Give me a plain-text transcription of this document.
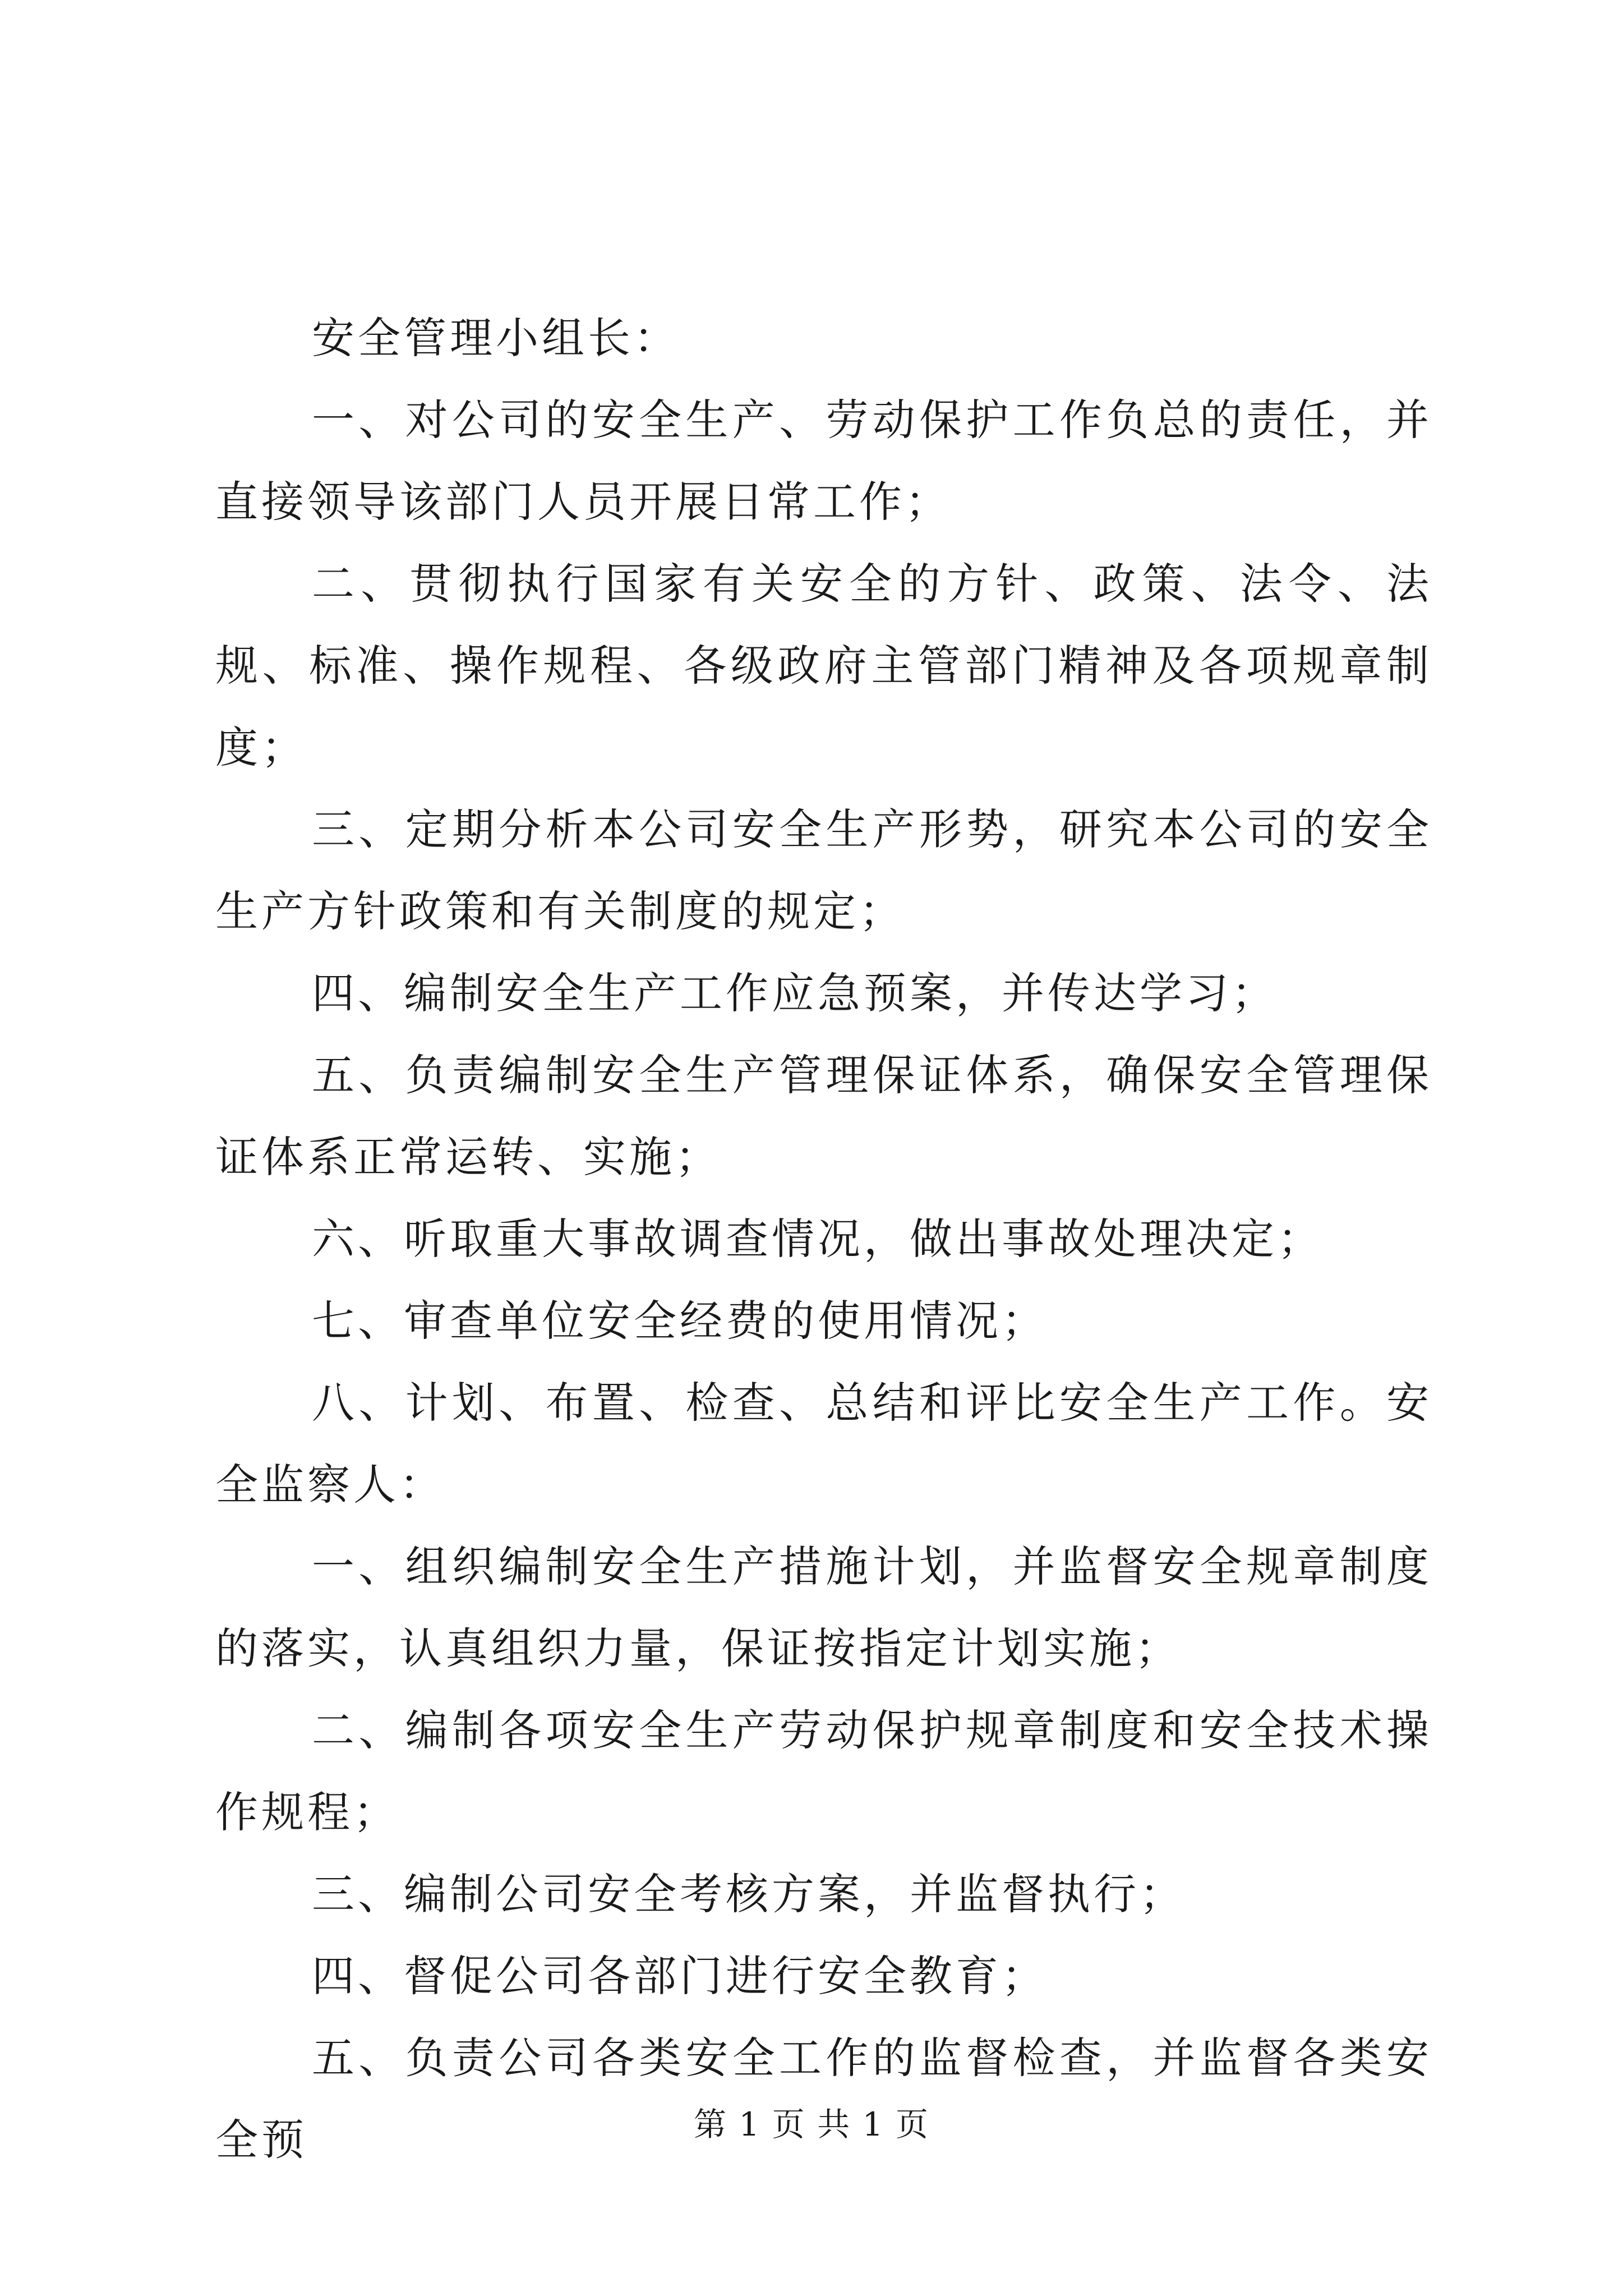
安全管理小组长：

一、对公司的安全生产、劳动保护工作负总的责任，并直接领导该部门人员开展日常工作；

二、贯彻执行国家有关安全的方针、政策、法令、法规、标准、操作规程、各级政府主管部门精神及各项规章制度；

三、定期分析本公司安全生产形势，研究本公司的安全生产方针政策和有关制度的规定；

四、编制安全生产工作应急预案，并传达学习；

五、负责编制安全生产管理保证体系，确保安全管理保证体系正常运转、实施；

六、听取重大事故调查情况，做出事故处理决定；

七、审查单位安全经费的使用情况；

八、计划、布置、检查、总结和评比安全生产工作。安全监察人：

一、组织编制安全生产措施计划，并监督安全规章制度的落实，认真组织力量，保证按指定计划实施；

二、编制各项安全生产劳动保护规章制度和安全技术操作规程；

三、编制公司安全考核方案，并监督执行；

四、督促公司各部门进行安全教育；

五、负责公司各类安全工作的监督检查，并监督各类安全预	第 1 页 共 1 页
